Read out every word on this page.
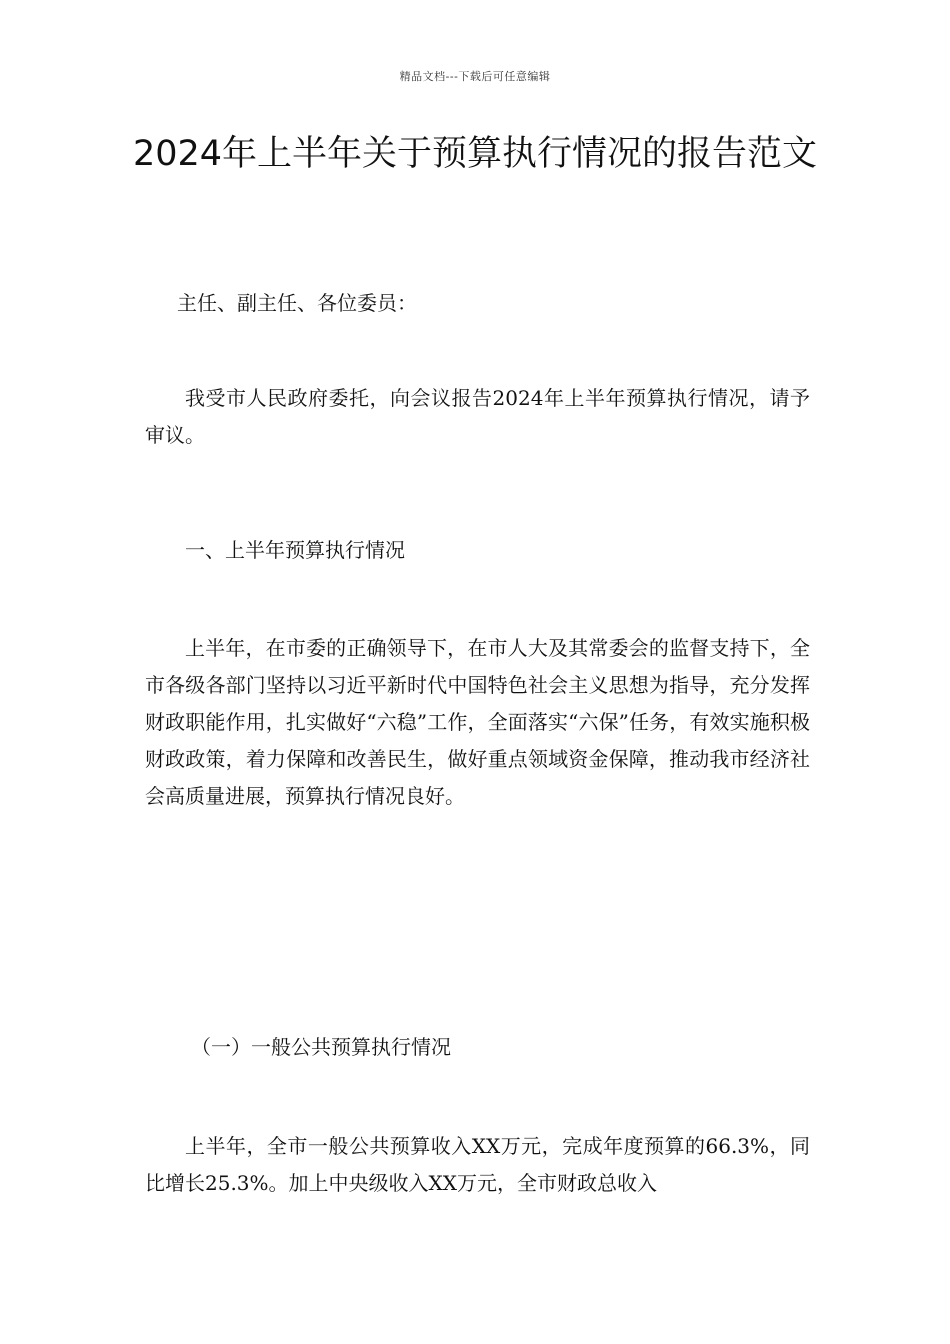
精品文档---下载后可任意编辑
2024年上半年关于预算执行情况的报告范文

主任、副主任、各位委员：

我受市人民政府委托，向会议报告2024年上半年预算执行情况，请予审议。

一、上半年预算执行情况

上半年，在市委的正确领导下，在市人大及其常委会的监督支持下，全市各级各部门坚持以习近平新时代中国特色社会主义思想为指导，充分发挥财政职能作用，扎实做好“六稳”工作，全面落实“六保”任务，有效实施积极财政政策，着力保障和改善民生，做好重点领域资金保障，推动我市经济社会高质量进展，预算执行情况良好。

（一）一般公共预算执行情况

上半年，全市一般公共预算收入XX万元，完成年度预算的66.3%，同比增长25.3%。加上中央级收入XX万元，全市财政总收入
